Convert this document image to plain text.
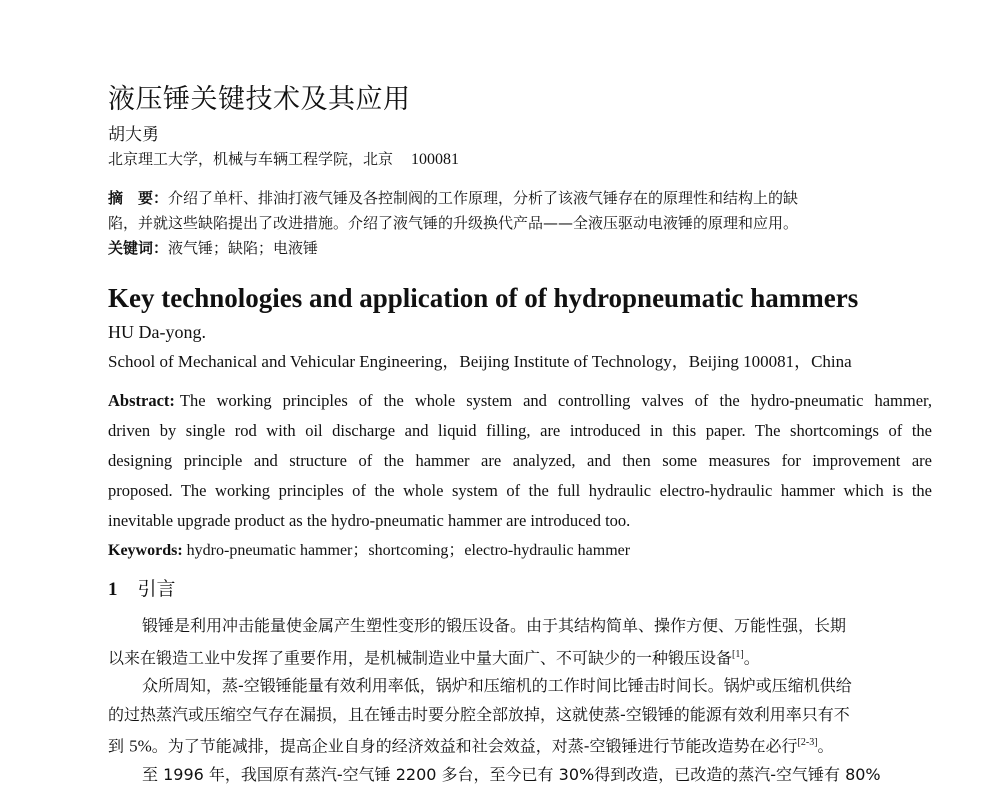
液压锤关键技术及其应用
胡大勇
北京理工大学，机械与车辆工程学院，北京 100081
摘　要：介绍了单杆、排油打液气锤及各控制阀的工作原理，分析了该液气锤存在的原理性和结构上的缺
陷，并就这些缺陷提出了改进措施。介绍了液气锤的升级换代产品——全液压驱动电液锤的原理和应用。
关键词：液气锤；缺陷；电液锤
Key technologies and application of of hydropneumatic hammers
HU Da-yong.
School of Mechanical and Vehicular Engineering，Beijing Institute of Technology，Beijing 100081，China
Abstract: The working principles of the whole system and controlling valves of the hydro-pneumatic hammer,
driven by single rod with oil discharge and liquid filling, are introduced in this paper. The shortcomings of the
designing principle and structure of the hammer are analyzed, and then some measures for improvement are
proposed. The working principles of the whole system of the full hydraulic electro-hydraulic hammer which is the
inevitable upgrade product as the hydro-pneumatic hammer are introduced too.
Keywords: hydro-pneumatic hammer；shortcoming；electro-hydraulic hammer
1 引言
锻锤是利用冲击能量使金属产生塑性变形的锻压设备。由于其结构简单、操作方便、万能性强，长期
以来在锻造工业中发挥了重要作用，是机械制造业中量大面广、不可缺少的一种锻压设备[1]。
众所周知，蒸-空锻锤能量有效利用率低，锅炉和压缩机的工作时间比锤击时间长。锅炉或压缩机供给
的过热蒸汽或压缩空气存在漏损，且在锤击时要分腔全部放掉，这就使蒸-空锻锤的能源有效利用率只有不
到 5%。为了节能减排，提高企业自身的经济效益和社会效益，对蒸-空锻锤进行节能改造势在必行[2-3]。
至 1996 年，我国原有蒸汽-空气锤 2200 多台，至今已有 30%得到改造，已改造的蒸汽-空气锤有 80%
